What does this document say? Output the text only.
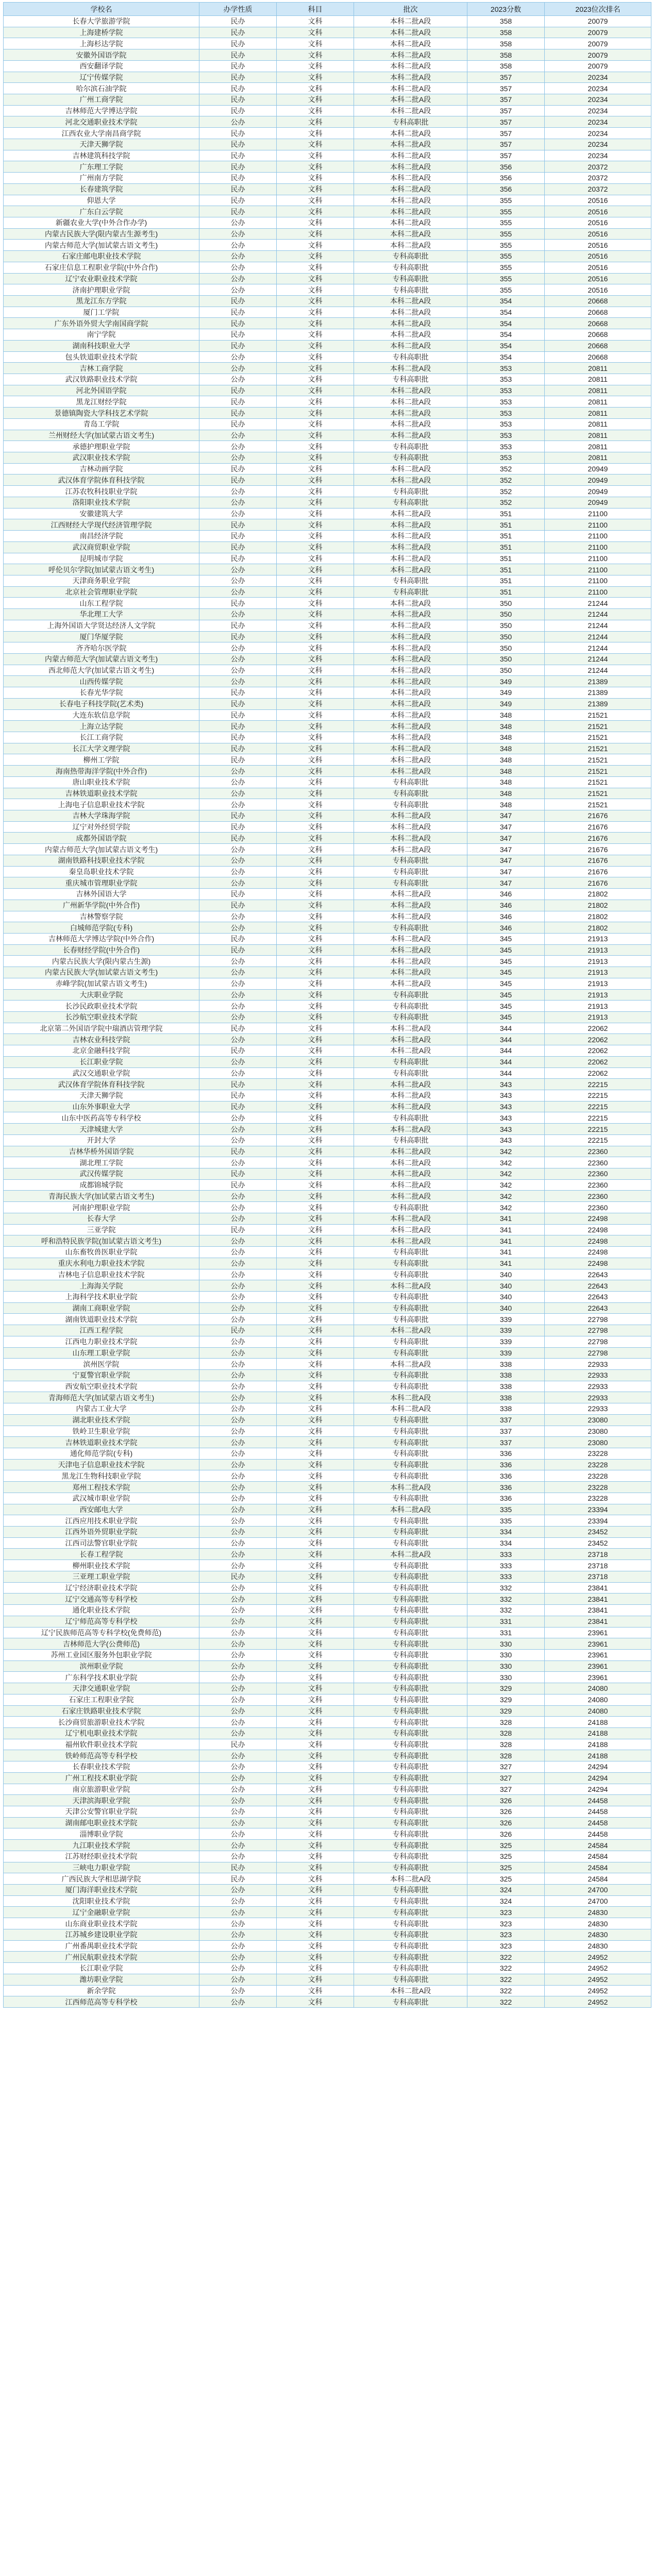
学校名	办学性质	科目	批次	2023分数	2023位次排名
长春大学旅游学院	民办	文科	本科二批A段	358	20079
上海建桥学院	民办	文科	本科二批A段	358	20079
上海杉达学院	民办	文科	本科二批A段	358	20079
安徽外国语学院	民办	文科	本科二批A段	358	20079
西安翻译学院	民办	文科	本科二批A段	358	20079
辽宁传媒学院	民办	文科	本科二批A段	357	20234
哈尔滨石油学院	民办	文科	本科二批A段	357	20234
广州工商学院	民办	文科	本科二批A段	357	20234
吉林师范大学博达学院	民办	文科	本科二批A段	357	20234
河北交通职业技术学院	公办	文科	专科高职批	357	20234
江西农业大学南昌商学院	民办	文科	本科二批A段	357	20234
天津天狮学院	民办	文科	本科二批A段	357	20234
吉林建筑科技学院	民办	文科	本科二批A段	357	20234
广东理工学院	民办	文科	本科二批A段	356	20372
广州南方学院	民办	文科	本科二批A段	356	20372
长春建筑学院	民办	文科	本科二批A段	356	20372
仰恩大学	民办	文科	本科二批A段	355	20516
广东白云学院	民办	文科	本科二批A段	355	20516
新疆农业大学(中外合作办学)	公办	文科	本科二批A段	355	20516
内蒙古民族大学(限内蒙古生源考生)	公办	文科	本科二批A段	355	20516
内蒙古师范大学(加试蒙古语文考生)	公办	文科	本科二批A段	355	20516
石家庄邮电职业技术学院	公办	文科	专科高职批	355	20516
石家庄信息工程职业学院(中外合作)	公办	文科	专科高职批	355	20516
辽宁农业职业技术学院	公办	文科	专科高职批	355	20516
济南护理职业学院	公办	文科	专科高职批	355	20516
黑龙江东方学院	民办	文科	本科二批A段	354	20668
厦门工学院	民办	文科	本科二批A段	354	20668
广东外语外贸大学南国商学院	民办	文科	本科二批A段	354	20668
南宁学院	民办	文科	本科二批A段	354	20668
湖南科技职业大学	民办	文科	本科二批A段	354	20668
包头铁道职业技术学院	公办	文科	专科高职批	354	20668
吉林工商学院	公办	文科	本科二批A段	353	20811
武汉铁路职业技术学院	公办	文科	专科高职批	353	20811
河北外国语学院	民办	文科	本科二批A段	353	20811
黑龙江财经学院	民办	文科	本科二批A段	353	20811
景德镇陶瓷大学科技艺术学院	民办	文科	本科二批A段	353	20811
青岛工学院	民办	文科	本科二批A段	353	20811
兰州财经大学(加试蒙古语文考生)	公办	文科	本科二批A段	353	20811
承德护理职业学院	公办	文科	专科高职批	353	20811
武汉职业技术学院	公办	文科	专科高职批	353	20811
吉林动画学院	民办	文科	本科二批A段	352	20949
武汉体育学院体育科技学院	民办	文科	本科二批A段	352	20949
江苏农牧科技职业学院	公办	文科	专科高职批	352	20949
洛阳职业技术学院	公办	文科	专科高职批	352	20949
安徽建筑大学	公办	文科	本科二批A段	351	21100
江西财经大学现代经济管理学院	民办	文科	本科二批A段	351	21100
南昌经济学院	民办	文科	本科二批A段	351	21100
武汉商贸职业学院	民办	文科	本科二批A段	351	21100
昆明城市学院	民办	文科	本科二批A段	351	21100
呼伦贝尔学院(加试蒙古语文考生)	公办	文科	本科二批A段	351	21100
天津商务职业学院	公办	文科	专科高职批	351	21100
北京社会管理职业学院	公办	文科	专科高职批	351	21100
山东工程学院	民办	文科	本科二批A段	350	21244
华北理工大学	公办	文科	本科二批A段	350	21244
上海外国语大学贤达经济人文学院	民办	文科	本科二批A段	350	21244
厦门华厦学院	民办	文科	本科二批A段	350	21244
齐齐哈尔医学院	公办	文科	本科二批A段	350	21244
内蒙古师范大学(加试蒙古语文考生)	公办	文科	本科二批A段	350	21244
西北师范大学(加试蒙古语文考生)	公办	文科	本科二批A段	350	21244
山西传媒学院	公办	文科	本科二批A段	349	21389
长春光华学院	民办	文科	本科二批A段	349	21389
长春电子科技学院(艺术类)	民办	文科	本科二批A段	349	21389
大连东软信息学院	民办	文科	本科二批A段	348	21521
上海立达学院	民办	文科	本科二批A段	348	21521
长江工商学院	民办	文科	本科二批A段	348	21521
长江大学文理学院	民办	文科	本科二批A段	348	21521
柳州工学院	民办	文科	本科二批A段	348	21521
海南热带海洋学院(中外合作)	公办	文科	本科二批A段	348	21521
唐山职业技术学院	公办	文科	专科高职批	348	21521
吉林铁道职业技术学院	公办	文科	专科高职批	348	21521
上海电子信息职业技术学院	公办	文科	专科高职批	348	21521
吉林大学珠海学院	民办	文科	本科二批A段	347	21676
辽宁对外经贸学院	民办	文科	本科二批A段	347	21676
成都外国语学院	民办	文科	本科二批A段	347	21676
内蒙古师范大学(加试蒙古语文考生)	公办	文科	本科二批A段	347	21676
湖南铁路科技职业技术学院	公办	文科	专科高职批	347	21676
秦皇岛职业技术学院	公办	文科	专科高职批	347	21676
重庆城市管理职业学院	公办	文科	专科高职批	347	21676
吉林外国语大学	民办	文科	本科二批A段	346	21802
广州新华学院(中外合作)	民办	文科	本科二批A段	346	21802
吉林警察学院	公办	文科	本科二批A段	346	21802
白城师范学院(专科)	公办	文科	专科高职批	346	21802
吉林师范大学博达学院(中外合作)	民办	文科	本科二批A段	345	21913
长春财经学院(中外合作)	民办	文科	本科二批A段	345	21913
内蒙古民族大学(限内蒙古生源)	公办	文科	本科二批A段	345	21913
内蒙古民族大学(加试蒙古语文考生)	公办	文科	本科二批A段	345	21913
赤峰学院(加试蒙古语文考生)	公办	文科	本科二批A段	345	21913
大庆职业学院	公办	文科	专科高职批	345	21913
长沙民政职业技术学院	公办	文科	专科高职批	345	21913
长沙航空职业技术学院	公办	文科	专科高职批	345	21913
北京第二外国语学院中瑞酒店管理学院	民办	文科	本科二批A段	344	22062
吉林农业科技学院	公办	文科	本科二批A段	344	22062
北京金融科技学院	民办	文科	本科二批A段	344	22062
长江职业学院	公办	文科	专科高职批	344	22062
武汉交通职业学院	公办	文科	专科高职批	344	22062
武汉体育学院体育科技学院	民办	文科	本科二批A段	343	22215
天津天狮学院	民办	文科	本科二批A段	343	22215
山东外事职业大学	民办	文科	本科二批A段	343	22215
山东中医药高等专科学校	公办	文科	专科高职批	343	22215
天津城建大学	公办	文科	本科二批A段	343	22215
开封大学	公办	文科	专科高职批	343	22215
吉林华桥外国语学院	民办	文科	本科二批A段	342	22360
湖北理工学院	公办	文科	本科二批A段	342	22360
武汉传媒学院	民办	文科	本科二批A段	342	22360
成都锦城学院	民办	文科	本科二批A段	342	22360
青海民族大学(加试蒙古语文考生)	公办	文科	本科二批A段	342	22360
河南护理职业学院	公办	文科	专科高职批	342	22360
长春大学	公办	文科	本科二批A段	341	22498
三亚学院	民办	文科	本科二批A段	341	22498
呼和浩特民族学院(加试蒙古语文考生)	公办	文科	本科二批A段	341	22498
山东畜牧兽医职业学院	公办	文科	专科高职批	341	22498
重庆水利电力职业技术学院	公办	文科	专科高职批	341	22498
吉林电子信息职业技术学院	公办	文科	专科高职批	340	22643
上海海关学院	公办	文科	本科二批A段	340	22643
上海科学技术职业学院	公办	文科	专科高职批	340	22643
湖南工商职业学院	公办	文科	专科高职批	340	22643
湖南铁道职业技术学院	公办	文科	专科高职批	339	22798
江西工程学院	民办	文科	本科二批A段	339	22798
江西电力职业技术学院	公办	文科	专科高职批	339	22798
山东理工职业学院	公办	文科	专科高职批	339	22798
滨州医学院	公办	文科	本科二批A段	338	22933
宁夏警官职业学院	公办	文科	专科高职批	338	22933
西安航空职业技术学院	公办	文科	专科高职批	338	22933
青海师范大学(加试蒙古语文考生)	公办	文科	本科二批A段	338	22933
内蒙古工业大学	公办	文科	本科二批A段	338	22933
湖北职业技术学院	公办	文科	专科高职批	337	23080
铁岭卫生职业学院	公办	文科	专科高职批	337	23080
吉林铁道职业技术学院	公办	文科	专科高职批	337	23080
通化师范学院(专科)	公办	文科	专科高职批	336	23228
天津电子信息职业技术学院	公办	文科	专科高职批	336	23228
黑龙江生物科技职业学院	公办	文科	专科高职批	336	23228
郑州工程技术学院	公办	文科	本科二批A段	336	23228
武汉城市职业学院	公办	文科	专科高职批	336	23228
西安邮电大学	公办	文科	本科二批A段	335	23394
江西应用技术职业学院	公办	文科	专科高职批	335	23394
江西外语外贸职业学院	公办	文科	专科高职批	334	23452
江西司法警官职业学院	公办	文科	专科高职批	334	23452
长春工程学院	公办	文科	本科二批A段	333	23718
柳州职业技术学院	公办	文科	专科高职批	333	23718
三亚理工职业学院	民办	文科	专科高职批	333	23718
辽宁经济职业技术学院	公办	文科	专科高职批	332	23841
辽宁交通高等专科学校	公办	文科	专科高职批	332	23841
通化职业技术学院	公办	文科	专科高职批	332	23841
辽宁师范高等专科学校	公办	文科	专科高职批	331	23841
辽宁民族师范高等专科学校(免费师范)	公办	文科	专科高职批	331	23961
吉林师范大学(公费师范)	公办	文科	专科高职批	330	23961
苏州工业园区服务外包职业学院	公办	文科	专科高职批	330	23961
滨州职业学院	公办	文科	专科高职批	330	23961
广东科学技术职业学院	公办	文科	专科高职批	330	23961
天津交通职业学院	公办	文科	专科高职批	329	24080
石家庄工程职业学院	公办	文科	专科高职批	329	24080
石家庄铁路职业技术学院	公办	文科	专科高职批	329	24080
长沙商贸旅游职业技术学院	公办	文科	专科高职批	328	24188
辽宁机电职业技术学院	公办	文科	专科高职批	328	24188
福州软件职业技术学院	民办	文科	专科高职批	328	24188
铁岭师范高等专科学校	公办	文科	专科高职批	328	24188
长春职业技术学院	公办	文科	专科高职批	327	24294
广州工程技术职业学院	公办	文科	专科高职批	327	24294
南京旅游职业学院	公办	文科	专科高职批	327	24294
天津滨海职业学院	公办	文科	专科高职批	326	24458
天津公安警官职业学院	公办	文科	专科高职批	326	24458
湖南邮电职业技术学院	公办	文科	专科高职批	326	24458
淄博职业学院	公办	文科	专科高职批	326	24458
九江职业技术学院	公办	文科	专科高职批	325	24584
江苏财经职业技术学院	公办	文科	专科高职批	325	24584
三峡电力职业学院	民办	文科	专科高职批	325	24584
广西民族大学相思湖学院	民办	文科	本科二批A段	325	24584
厦门海洋职业技术学院	公办	文科	专科高职批	324	24700
沈阳职业技术学院	公办	文科	专科高职批	324	24700
辽宁金融职业学院	公办	文科	专科高职批	323	24830
山东商业职业技术学院	公办	文科	专科高职批	323	24830
江苏城乡建设职业学院	公办	文科	专科高职批	323	24830
广州番禺职业技术学院	公办	文科	专科高职批	323	24830
广州民航职业技术学院	公办	文科	专科高职批	322	24952
长江职业学院	公办	文科	专科高职批	322	24952
潍坊职业学院	公办	文科	专科高职批	322	24952
新余学院	公办	文科	本科二批A段	322	24952
江西师范高等专科学校	公办	文科	专科高职批	322	24952
